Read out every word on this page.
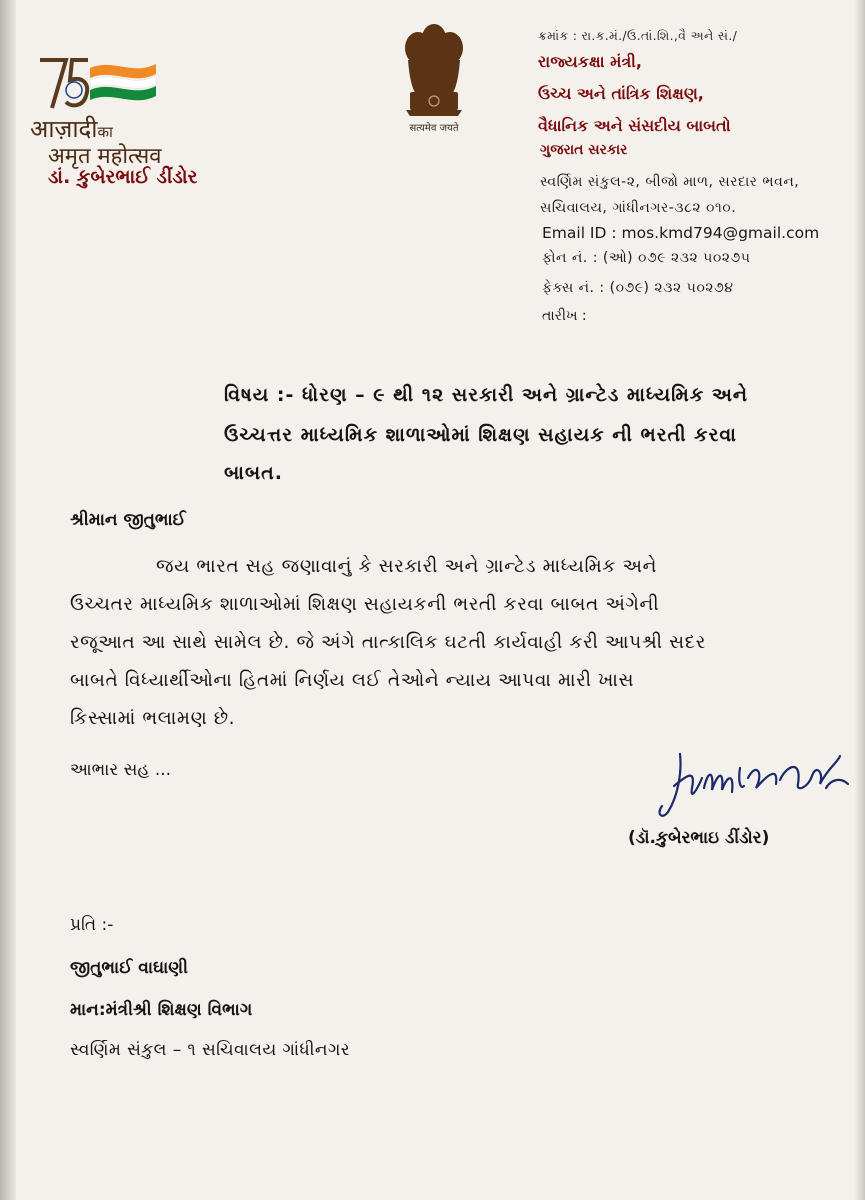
आज़ादीका
अमृत महोत्सव
ડાં. કુબેરભાઈ ડીંડોર
सत्यमेव जयते
ક્રમાંક : રા.ક.મં./ઉ.તાં.શિ.,વૈ અને સં./
રાજ્યકક્ષા મંત્રી,
ઉચ્ચ અને તાંત્રિક શિક્ષણ,
વૈધાનિક અને સંસદીય બાબતો
ગુજરાત સરકાર
સ્વર્ણિમ સંકુલ-૨, બીજો માળ, સરદાર ભવન,
સચિવાલય, ગાંધીનગર-૩૮૨ ૦૧૦.
Email ID : mos.kmd794@gmail.com
ફોન નં. : (ઓ) ૦૭૯ ૨૩૨ ૫૦૨૭૫
ફેક્સ નં. : (૦૭૯) ૨૩૨ ૫૦૨૭૪
તારીખ :
વિષય :- ધોરણ – ૯ થી ૧૨ સરકારી અને ગ્રાન્ટેડ માધ્યમિક અને
ઉચ્ચત્તર માધ્યમિક શાળાઓમાં શિક્ષણ સહાયક ની ભરતી કરવા
બાબત.
શ્રીમાન જીતુભાઈ
જય ભારત સહ જણાવાનું કે સરકારી અને ગ્રાન્ટેડ માધ્યમિક અને
ઉચ્ચતર માધ્યમિક શાળાઓમાં શિક્ષણ સહાયકની ભરતી કરવા બાબત અંગેની
રજૂઆત આ સાથે સામેલ છે. જે અંગે તાત્કાલિક ઘટતી કાર્યવાહી કરી આપશ્રી સદર
બાબતે વિધ્યાર્થીઓના હિતમાં નિર્ણય લઈ તેઓને ન્યાય આપવા મારી ખાસ
કિસ્સામાં ભલામણ છે.
આભાર સહ ...
(ડૉ.કુબેરભાઇ ડીંડોર)
પ્રતિ :-
જીતુભાઈ વાઘાણી
માન:મંત્રીશ્રી શિક્ષણ વિભાગ
સ્વર્ણિમ સંકુલ – ૧ સચિવાલય ગાંધીનગર
